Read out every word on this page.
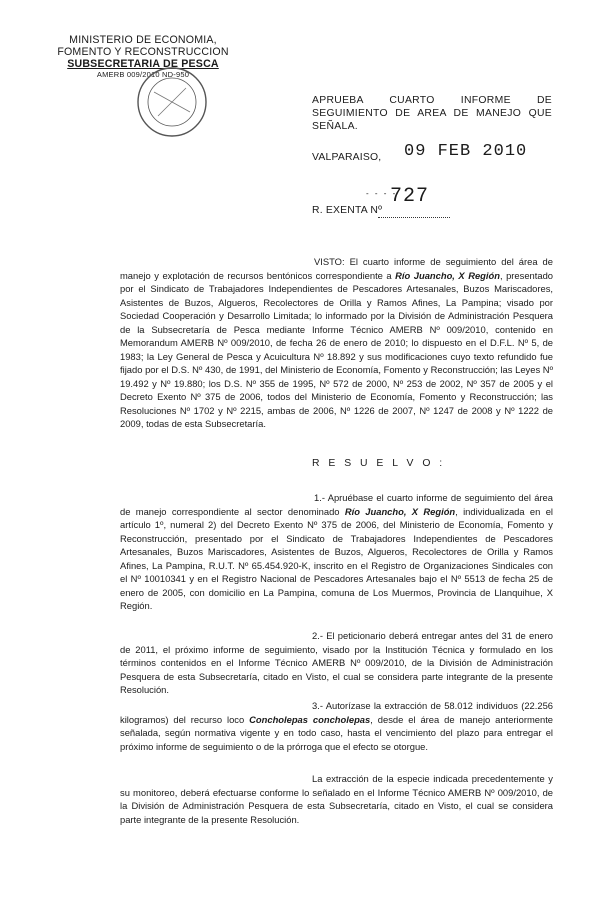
MINISTERIO DE ECONOMIA,
FOMENTO Y RECONSTRUCCION
SUBSECRETARIA DE PESCA
AMERB 009/2010 ND-950
APRUEBA CUARTO INFORME DE SEGUIMIENTO DE AREA DE MANEJO QUE SEÑALA.
VALPARAISO, 09 FEB 2010
R. EXENTA Nº
- - - -
727
VISTO: El cuarto informe de seguimiento del área de manejo y explotación de recursos bentónicos correspondiente a Río Juancho, X Región, presentado por el Sindicato de Trabajadores Independientes de Pescadores Artesanales, Buzos Mariscadores, Asistentes de Buzos, Algueros, Recolectores de Orilla y Ramos Afines, La Pampina; visado por Sociedad Cooperación y Desarrollo Limitada; lo informado por la División de Administración Pesquera de la Subsecretaría de Pesca mediante Informe Técnico AMERB Nº 009/2010, contenido en Memorandum AMERB Nº 009/2010, de fecha 26 de enero de 2010; lo dispuesto en el D.F.L. Nº 5, de 1983; la Ley General de Pesca y Acuicultura Nº 18.892 y sus modificaciones cuyo texto refundido fue fijado por el D.S. Nº 430, de 1991, del Ministerio de Economía, Fomento y Reconstrucción; las Leyes Nº 19.492 y Nº 19.880; los D.S. Nº 355 de 1995, Nº 572 de 2000, Nº 253 de 2002, Nº 357 de 2005 y el Decreto Exento Nº 375 de 2006, todos del Ministerio de Economía, Fomento y Reconstrucción; las Resoluciones Nº 1702 y Nº 2215, ambas de 2006, Nº 1226 de 2007, Nº 1247 de 2008 y Nº 1222 de 2009, todas de esta Subsecretaría.
R E S U E L V O :
1.- Apruébase el cuarto informe de seguimiento del área de manejo correspondiente al sector denominado Río Juancho, X Región, individualizada en el artículo 1º, numeral 2) del Decreto Exento Nº 375 de 2006, del Ministerio de Economía, Fomento y Reconstrucción, presentado por el Sindicato de Trabajadores Independientes de Pescadores Artesanales, Buzos Mariscadores, Asistentes de Buzos, Algueros, Recolectores de Orilla y Ramos Afines, La Pampina, R.U.T. Nº 65.454.920-K, inscrito en el Registro de Organizaciones Sindicales con el Nº 10010341 y en el Registro Nacional de Pescadores Artesanales bajo el Nº 5513 de fecha 25 de enero de 2005, con domicilio en La Pampina, comuna de Los Muermos, Provincia de Llanquihue, X Región.
2.- El peticionario deberá entregar antes del 31 de enero de 2011, el próximo informe de seguimiento, visado por la Institución Técnica y formulado en los términos contenidos en el Informe Técnico AMERB Nº 009/2010, de la División de Administración Pesquera de esta Subsecretaría, citado en Visto, el cual se considera parte integrante de la presente Resolución.
3.- Autorízase la extracción de 58.012 individuos (22.256 kilogramos) del recurso loco Concholepas concholepas, desde el área de manejo anteriormente señalada, según normativa vigente y en todo caso, hasta el vencimiento del plazo para entregar el próximo informe de seguimiento o de la prórroga que el efecto se otorgue.
La extracción de la especie indicada precedentemente y su monitoreo, deberá efectuarse conforme lo señalado en el Informe Técnico AMERB Nº 009/2010, de la División de Administración Pesquera de esta Subsecretaría, citado en Visto, el cual se considera parte integrante de la presente Resolución.
